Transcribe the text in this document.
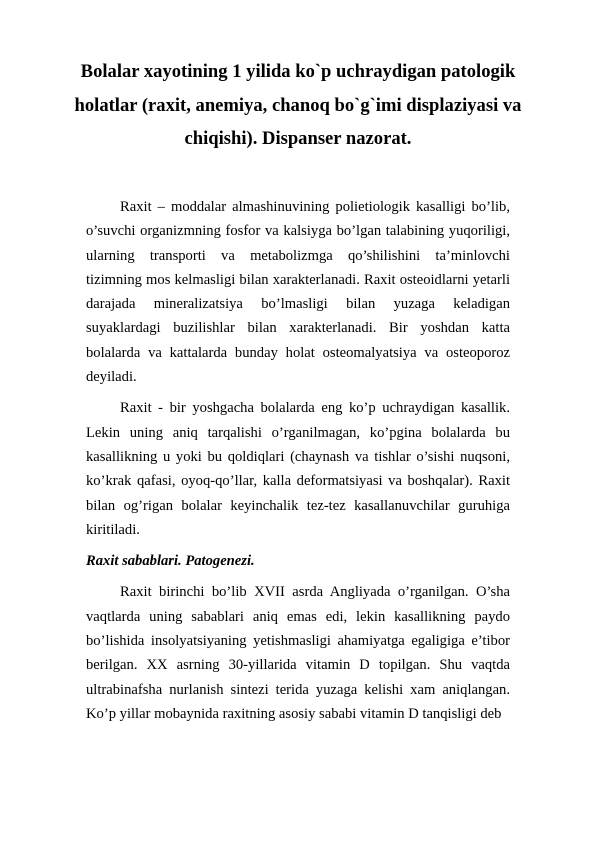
Bolalar xayotining 1 yilida ko`p uchraydigan patologik holatlar (raxit, anemiya, chanoq bo`g`imi displaziyasi va chiqishi). Dispanser nazorat.

Raxit – moddalar almashinuvining polietiologik kasalligi bo’lib, o’suvchi organizmning fosfor va kalsiyga bo’lgan talabining yuqoriligi, ularning transporti va metabolizmga qo’shilishini ta’minlovchi tizimning mos kelmasligi bilan xarakterlanadi. Raxit osteoidlarni yetarli darajada mineralizatsiya bo’lmasligi bilan yuzaga keladigan suyaklardagi buzilishlar bilan xarakterlanadi. Bir yoshdan katta bolalarda va kattalarda bunday holat osteomalyatsiya va osteoporoz deyiladi.

Raxit - bir yoshgacha bolalarda eng ko’p uchraydigan kasallik. Lekin uning aniq tarqalishi o’rganilmagan, ko’pgina bolalarda bu kasallikning u yoki bu qoldiqlari (chaynash va tishlar o’sishi nuqsoni, ko’krak qafasi, oyoq-qo’llar, kalla deformatsiyasi va boshqalar). Raxit bilan og’rigan bolalar keyinchalik tez-tez kasallanuvchilar guruhiga kiritiladi.

Raxit sabablari. Patogenezi.

Raxit birinchi bo’lib XVII asrda Angliyada o’rganilgan. O’sha vaqtlarda uning sabablari aniq emas edi, lekin kasallikning paydo bo’lishida insolyatsiyaning yetishmasligi ahamiyatga egaligiga e’tibor berilgan. XX asrning 30-yillarida vitamin D topilgan. Shu vaqtda ultrabinafsha nurlanish sintezi terida yuzaga kelishi xam aniqlangan. Ko’p yillar mobaynida raxitning asosiy sababi vitamin D tanqisligi deb
